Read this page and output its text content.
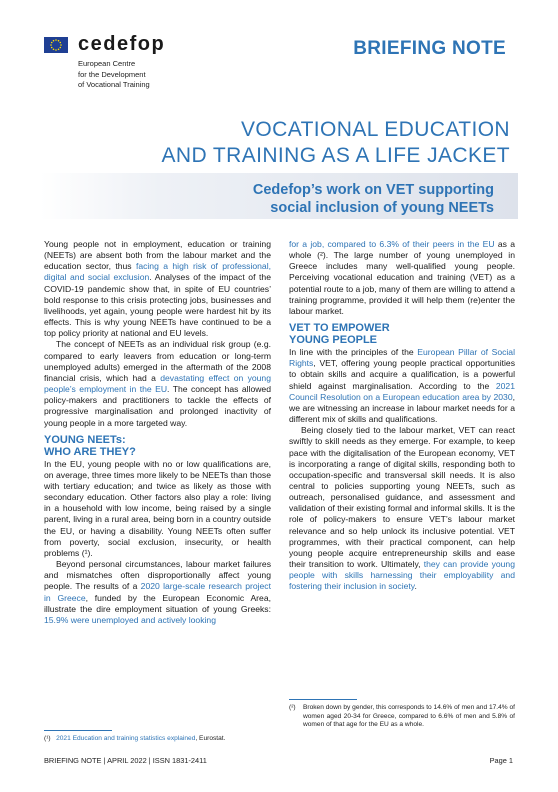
cedefop
European Centre
for the Development
of Vocational Training
BRIEFING NOTE
VOCATIONAL EDUCATION
AND TRAINING AS A LIFE JACKET
Cedefop’s work on VET supporting
social inclusion of young NEETs

Young people not in employment, education or training (NEETs) are absent both from the labour market and the education sector, thus facing a high risk of professional, digital and social exclusion. Analyses of the impact of the COVID-19 pandemic show that, in spite of EU countries’ bold response to this crisis protecting jobs, businesses and livelihoods, yet again, young people were hardest hit by its effects. This is why young NEETs have continued to be a top policy priority at national and EU levels.

The concept of NEETs as an individual risk group (e.g. compared to early leavers from education or long-term unemployed adults) emerged in the aftermath of the 2008 financial crisis, which had a devastating effect on young people’s employment in the EU. The concept has allowed policy-makers and practitioners to tackle the effects of progressive marginalisation and prolonged inactivity of young people in a more targeted way.

YOUNG NEETs:
WHO ARE THEY?

In the EU, young people with no or low qualifications are, on average, three times more likely to be NEETs than those with tertiary education; and twice as likely as those with secondary education. Other factors also play a role: living in a household with low income, being raised by a single parent, living in a rural area, being born in a country outside the EU, or having a disability. Young NEETs often suffer from poverty, social exclusion, insecurity, or health problems (¹).

Beyond personal circumstances, labour market failures and mismatches often disproportionally affect young people. The results of a 2020 large-scale research project in Greece, funded by the European Economic Area, illustrate the dire employment situation of young Greeks: 15.9% were unemployed and actively looking

(¹) 2021 Education and training statistics explained, Eurostat.

for a job, compared to 6.3% of their peers in the EU as a whole (²). The large number of young unemployed in Greece includes many well-qualified young people. Perceiving vocational education and training (VET) as a potential route to a job, many of them are willing to attend a training programme, provided it will help them (re)enter the labour market.

VET TO EMPOWER
YOUNG PEOPLE

In line with the principles of the European Pillar of Social Rights, VET, offering young people practical opportunities to obtain skills and acquire a qualification, is a powerful shield against marginalisation. According to the 2021 Council Resolution on a European education area by 2030, we are witnessing an increase in labour market needs for a different mix of skills and qualifications.

Being closely tied to the labour market, VET can react swiftly to skill needs as they emerge. For example, to keep pace with the digitalisation of the European economy, VET is incorporating a range of digital skills, responding both to occupation-specific and transversal skill needs. It is also central to policies supporting young NEETs, such as outreach, personalised guidance, and assessment and validation of their existing formal and informal skills. It is the role of policy-makers to ensure VET’s labour market relevance and so help unlock its inclusive potential. VET programmes, with their practical component, can help young people acquire entrepreneurship skills and ease their transition to work. Ultimately, they can provide young people with skills harnessing their employability and fostering their inclusion in society.

(²)	Broken down by gender, this corresponds to 14.6% of men and 17.4% of women aged 20-34 for Greece, compared to 6.6% of men and 5.8% of women of that age for the EU as a whole.
BRIEFING NOTE | APRIL 2022 | ISSN 1831-2411	Page 1
